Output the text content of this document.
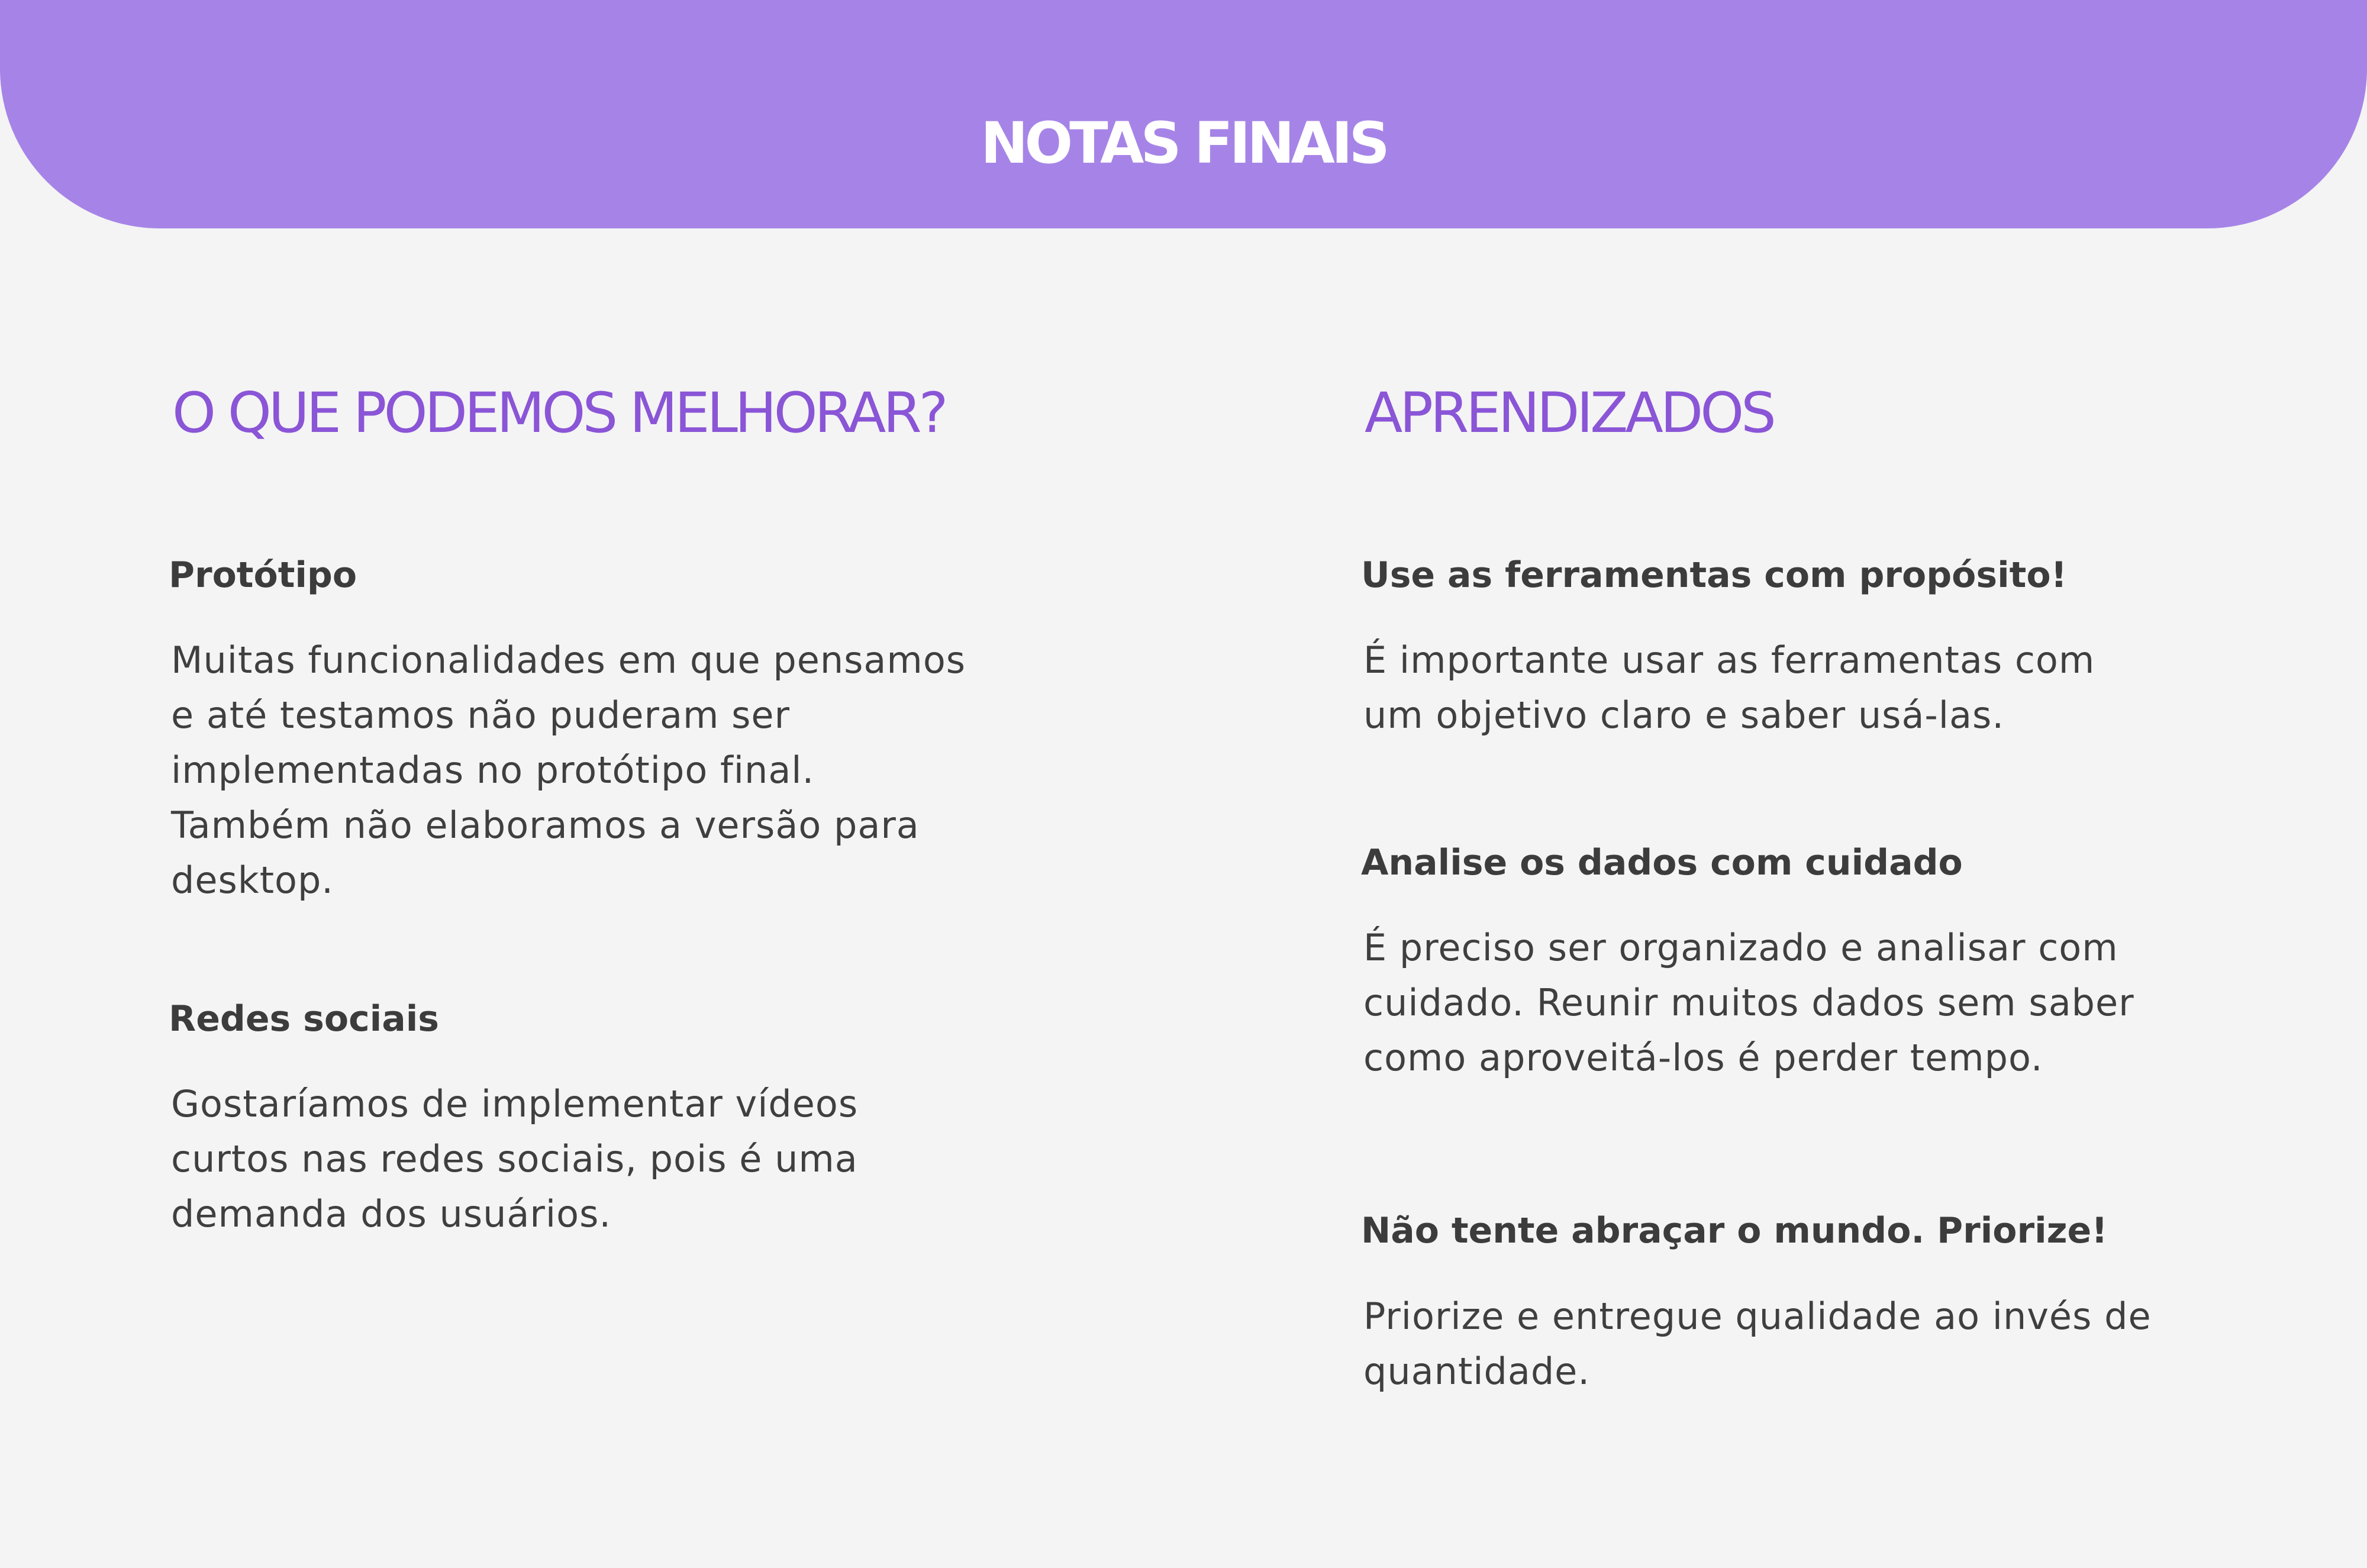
NOTAS FINAIS
O QUE PODEMOS MELHORAR?
Protótipo

Muitas funcionalidades em que pensamos
e até testamos não puderam ser
implementadas no protótipo final.
Também não elaboramos a versão para
desktop.

Redes sociais

Gostaríamos de implementar vídeos
curtos nas redes sociais, pois é uma
demanda dos usuários.

APRENDIZADOS
Use as ferramentas com propósito!

É importante usar as ferramentas com
um objetivo claro e saber usá-las.

Analise os dados com cuidado

É preciso ser organizado e analisar com
cuidado. Reunir muitos dados sem saber
como aproveitá-los é perder tempo.

Não tente abraçar o mundo. Priorize!

Priorize e entregue qualidade ao invés de
quantidade.
